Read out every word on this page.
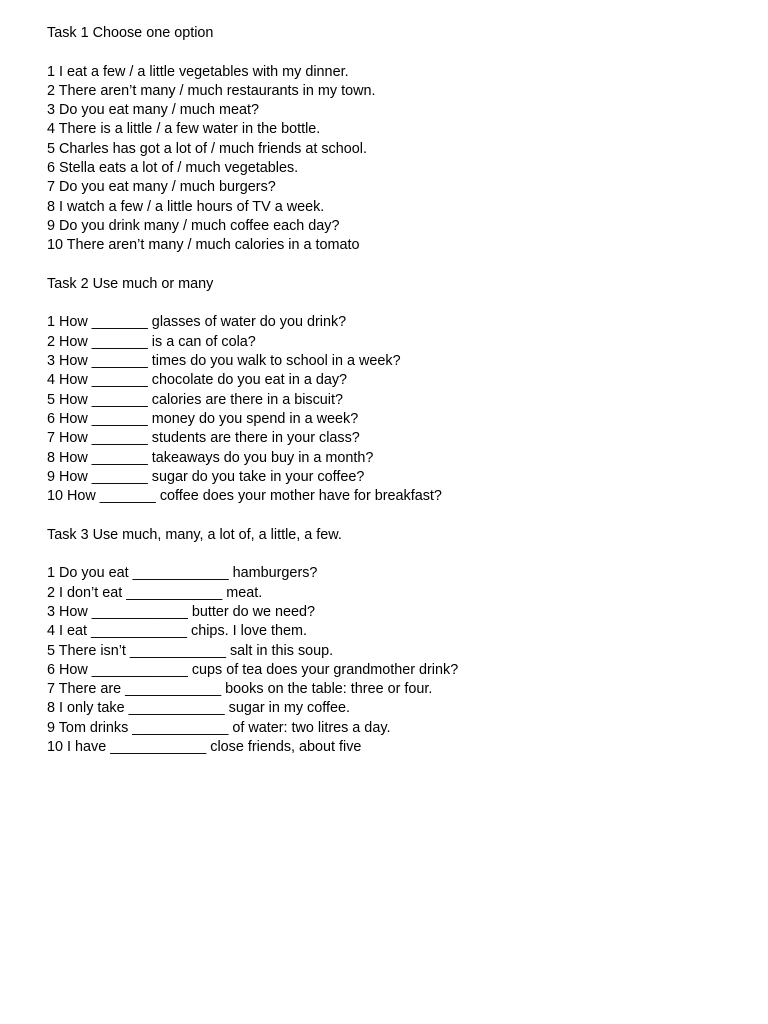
Task 1 Choose one option
1 I eat a few / a little vegetables with my dinner.
2 There aren’t many / much restaurants in my town.
3 Do you eat many / much meat?
4 There is a little / a few water in the bottle.
5 Charles has got a lot of / much friends at school.
6 Stella eats a lot of / much vegetables.
7 Do you eat many / much burgers?
8 I watch a few / a little hours of TV a week.
9 Do you drink many / much coffee each day?
10 There aren’t many / much calories in a tomato
Task 2 Use much or many
1 How _______ glasses of water do you drink?
2 How _______ is a can of cola?
3 How _______ times do you walk to school in a week?
4 How _______ chocolate do you eat in a day?
5 How _______ calories are there in a biscuit?
6 How _______ money do you spend in a week?
7 How _______ students are there in your class?
8 How _______ takeaways do you buy in a month?
9 How _______ sugar do you take in your coffee?
10 How _______ coffee does your mother have for breakfast?
Task 3 Use much, many, a lot of, a little, a few.
1 Do you eat ____________ hamburgers?
2 I don’t eat ____________ meat.
3 How ____________ butter do we need?
4 I eat ____________ chips. I love them.
5 There isn’t ____________ salt in this soup.
6 How ____________ cups of tea does your grandmother drink?
7 There are ____________ books on the table: three or four.
8 I only take ____________ sugar in my coffee.
9 Tom drinks ____________ of water: two litres a day.
10 I have ____________ close friends, about five
